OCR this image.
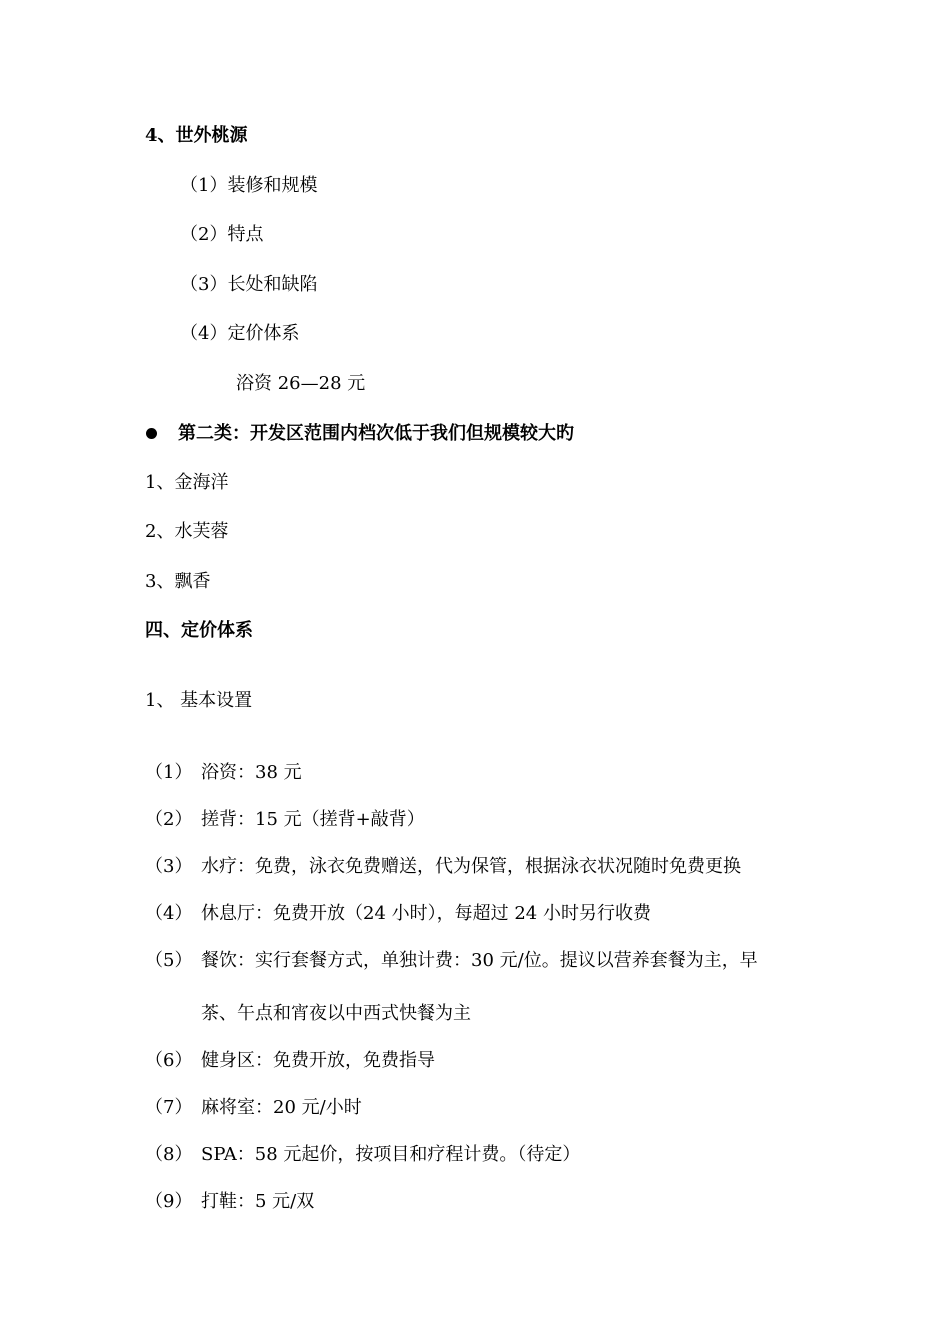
4、世外桃源
（1）装修和规模
（2）特点
（3）长处和缺陷
（4）定价体系
浴资 26—28 元
第二类：开发区范围内档次低于我们但规模较大旳
1、金海洋
2、水芙蓉
3、飘香
四、定价体系
1、 基本设置
（1） 浴资：38 元
（2） 搓背：15 元（搓背+敲背）
（3） 水疗：免费，泳衣免费赠送，代为保管，根据泳衣状况随时免费更换
（4） 休息厅：免费开放（24 小时），每超过 24 小时另行收费
（5） 餐饮：实行套餐方式，单独计费：30 元/位。提议以营养套餐为主，早
茶、午点和宵夜以中西式快餐为主
（6） 健身区：免费开放，免费指导
（7） 麻将室：20 元/小时
（8） SPA：58 元起价，按项目和疗程计费。（待定）
（9） 打鞋：5 元/双
